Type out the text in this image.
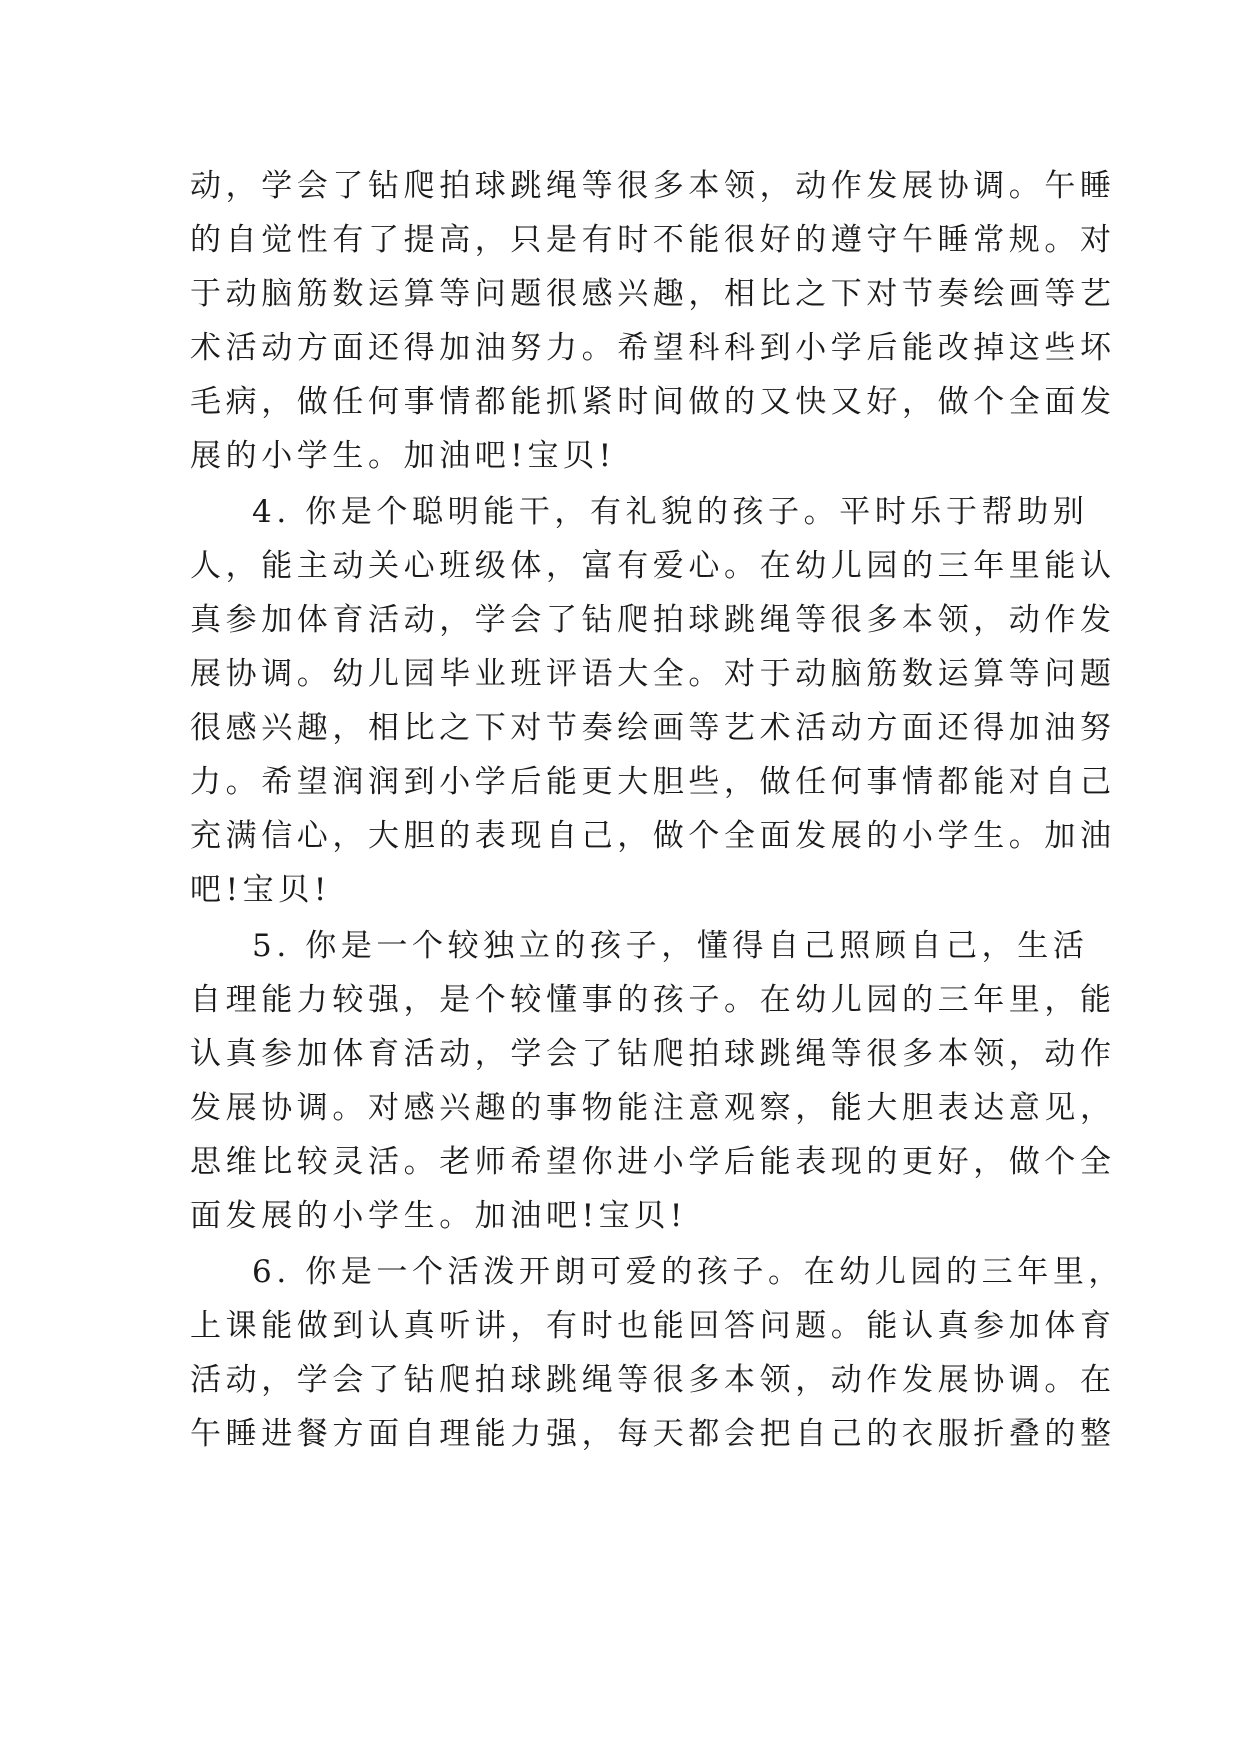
动，学会了钻爬拍球跳绳等很多本领，动作发展协调。午睡
的自觉性有了提高，只是有时不能很好的遵守午睡常规。对
于动脑筋数运算等问题很感兴趣，相比之下对节奏绘画等艺
术活动方面还得加油努力。希望科科到小学后能改掉这些坏
毛病，做任何事情都能抓紧时间做的又快又好，做个全面发
展的小学生。加油吧!宝贝!
4. 你是个聪明能干，有礼貌的孩子。平时乐于帮助别
人，能主动关心班级体，富有爱心。在幼儿园的三年里能认
真参加体育活动，学会了钻爬拍球跳绳等很多本领，动作发
展协调。幼儿园毕业班评语大全。对于动脑筋数运算等问题
很感兴趣，相比之下对节奏绘画等艺术活动方面还得加油努
力。希望润润到小学后能更大胆些，做任何事情都能对自己
充满信心，大胆的表现自己，做个全面发展的小学生。加油
吧!宝贝!
5. 你是一个较独立的孩子，懂得自己照顾自己，生活
自理能力较强，是个较懂事的孩子。在幼儿园的三年里，能
认真参加体育活动，学会了钻爬拍球跳绳等很多本领，动作
发展协调。对感兴趣的事物能注意观察，能大胆表达意见，
思维比较灵活。老师希望你进小学后能表现的更好，做个全
面发展的小学生。加油吧!宝贝!
6. 你是一个活泼开朗可爱的孩子。在幼儿园的三年里，
上课能做到认真听讲，有时也能回答问题。能认真参加体育
活动，学会了钻爬拍球跳绳等很多本领，动作发展协调。在
午睡进餐方面自理能力强，每天都会把自己的衣服折叠的整
